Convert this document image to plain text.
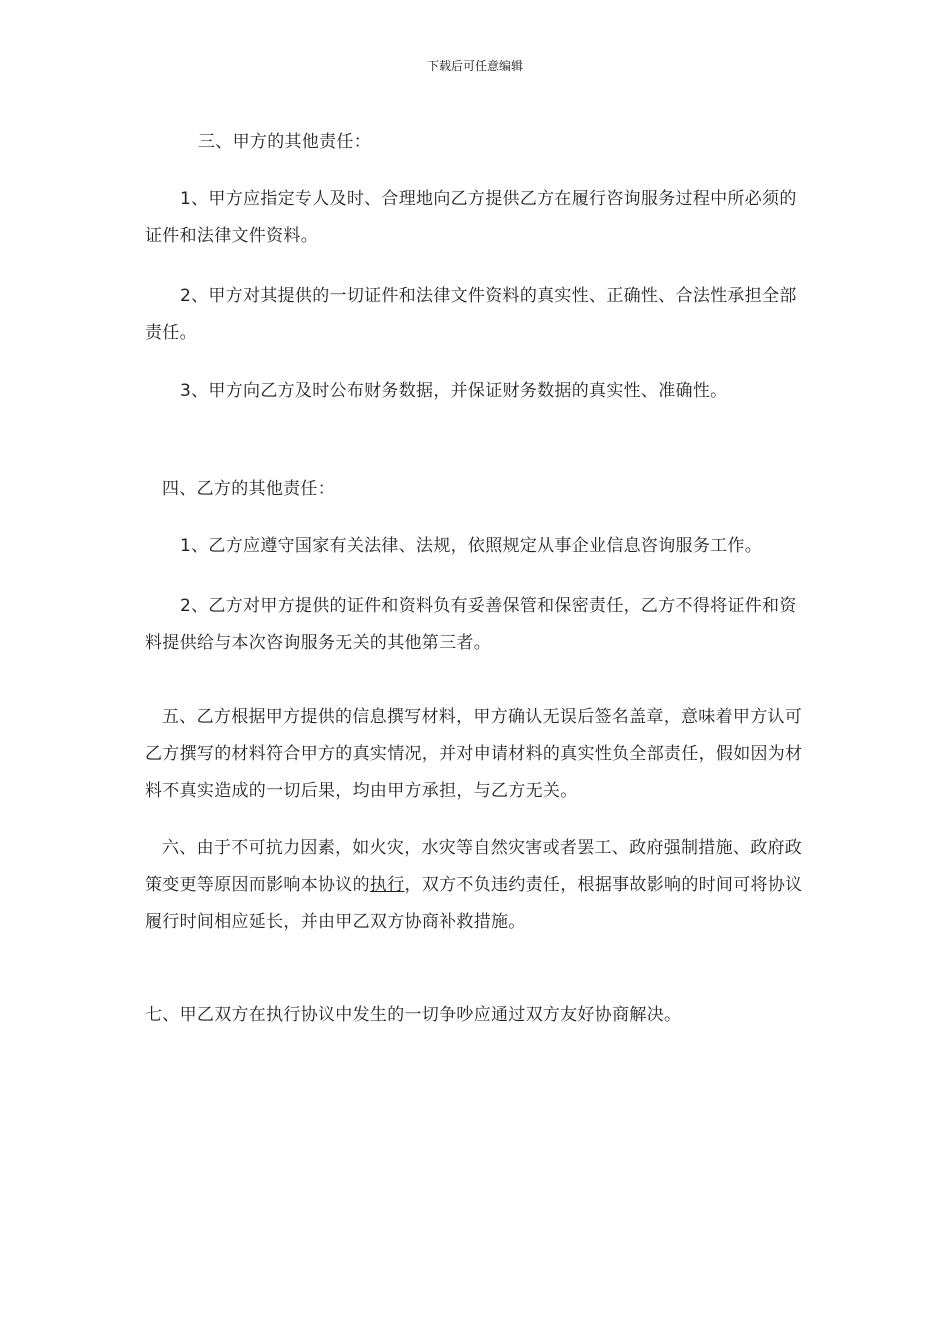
下载后可任意编辑

三、甲方的其他责任：

1、甲方应指定专人及时、合理地向乙方提供乙方在履行咨询服务过程中所必须的证件和法律文件资料。

2、甲方对其提供的一切证件和法律文件资料的真实性、正确性、合法性承担全部责任。

3、甲方向乙方及时公布财务数据，并保证财务数据的真实性、准确性。

四、乙方的其他责任：

1、乙方应遵守国家有关法律、法规，依照规定从事企业信息咨询服务工作。

2、乙方对甲方提供的证件和资料负有妥善保管和保密责任，乙方不得将证件和资料提供给与本次咨询服务无关的其他第三者。

五、乙方根据甲方提供的信息撰写材料，甲方确认无误后签名盖章，意味着甲方认可乙方撰写的材料符合甲方的真实情况，并对申请材料的真实性负全部责任，假如因为材料不真实造成的一切后果，均由甲方承担，与乙方无关。

六、由于不可抗力因素，如火灾，水灾等自然灾害或者罢工、政府强制措施、政府政策变更等原因而影响本协议的执行，双方不负违约责任，根据事故影响的时间可将协议履行时间相应延长，并由甲乙双方协商补救措施。

七、甲乙双方在执行协议中发生的一切争吵应通过双方友好协商解决。
